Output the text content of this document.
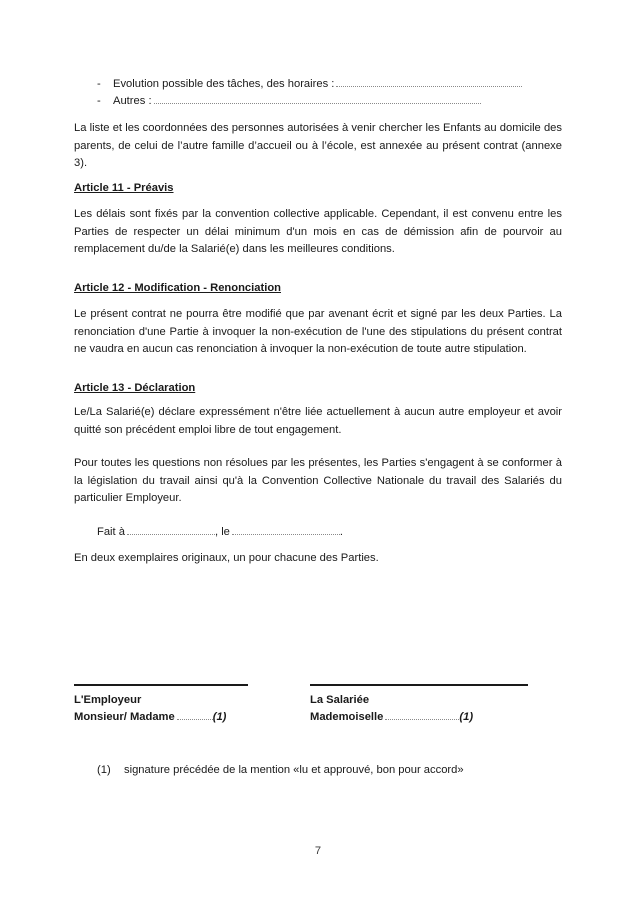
-	Evolution possible des tâches, des horaires :
-	Autres :

La liste et les coordonnées des personnes autorisées à venir chercher les Enfants au domicile des parents, de celui de l’autre famille d’accueil ou à l’école, est annexée au présent contrat (annexe 3).

Article 11 - Préavis

Les délais sont fixés par la convention collective applicable. Cependant, il est convenu entre les Parties de respecter un délai minimum d'un mois en cas de démission afin de pourvoir au remplacement du/de la Salarié(e) dans les meilleures conditions.

Article 12 - Modification - Renonciation

Le présent contrat ne pourra être modifié que par avenant écrit et signé par les deux Parties. La renonciation d'une Partie à invoquer la non-exécution de l'une des stipulations du présent contrat ne vaudra en aucun cas renonciation à invoquer la non-exécution de toute autre stipulation.

Article 13 - Déclaration

Le/La Salarié(e) déclare expressément n'être liée actuellement à aucun autre employeur et avoir quitté son précédent emploi libre de tout engagement.

Pour toutes les questions non résolues par les présentes, les Parties s'engagent à se conformer à la législation du travail ainsi qu'à la Convention Collective Nationale du travail des Salariés du particulier Employeur.

Fait à	, le	.

En deux exemplaires originaux, un pour chacune des Parties.

L'Employeur
Monsieur/ Madame	(1)
La Salariée
Mademoiselle	(1)
(1) signature précédée de la mention «lu et approuvé, bon pour accord»
7
